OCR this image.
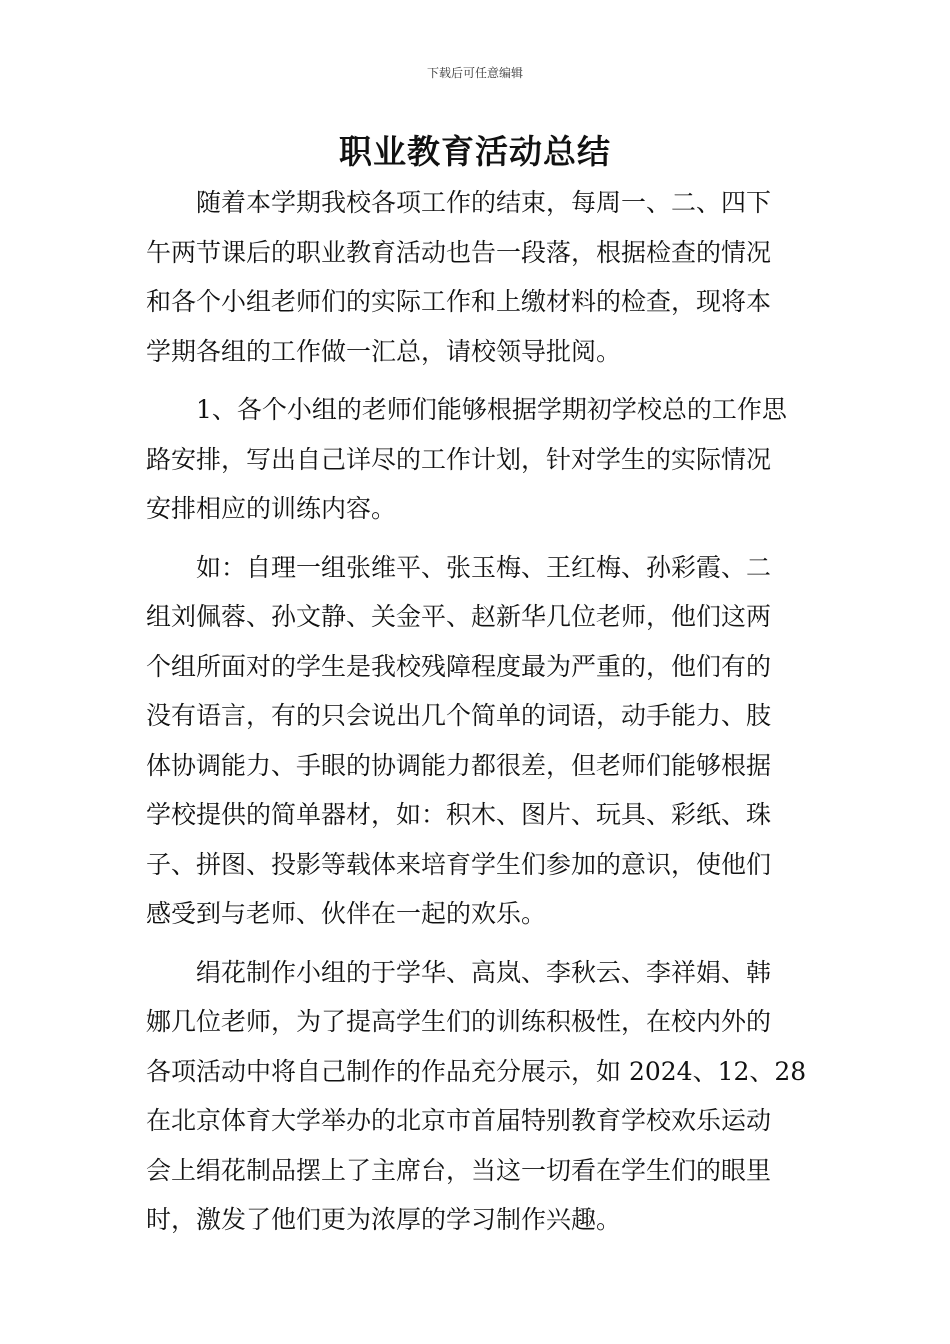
下载后可任意编辑
职业教育活动总结
随着本学期我校各项工作的结束，每周一、二、四下
午两节课后的职业教育活动也告一段落，根据检查的情况
和各个小组老师们的实际工作和上缴材料的检查，现将本
学期各组的工作做一汇总，请校领导批阅。
1、各个小组的老师们能够根据学期初学校总的工作思
路安排，写出自己详尽的工作计划，针对学生的实际情况
安排相应的训练内容。
如：自理一组张维平、张玉梅、王红梅、孙彩霞、二
组刘佩蓉、孙文静、关金平、赵新华几位老师，他们这两
个组所面对的学生是我校残障程度最为严重的，他们有的
没有语言，有的只会说出几个简单的词语，动手能力、肢
体协调能力、手眼的协调能力都很差，但老师们能够根据
学校提供的简单器材，如：积木、图片、玩具、彩纸、珠
子、拼图、投影等载体来培育学生们参加的意识，使他们
感受到与老师、伙伴在一起的欢乐。
绢花制作小组的于学华、高岚、李秋云、李祥娟、韩
娜几位老师，为了提高学生们的训练积极性，在校内外的
各项活动中将自己制作的作品充分展示，如 2024、12、28
在北京体育大学举办的北京市首届特别教育学校欢乐运动
会上绢花制品摆上了主席台，当这一切看在学生们的眼里
时，激发了他们更为浓厚的学习制作兴趣。
